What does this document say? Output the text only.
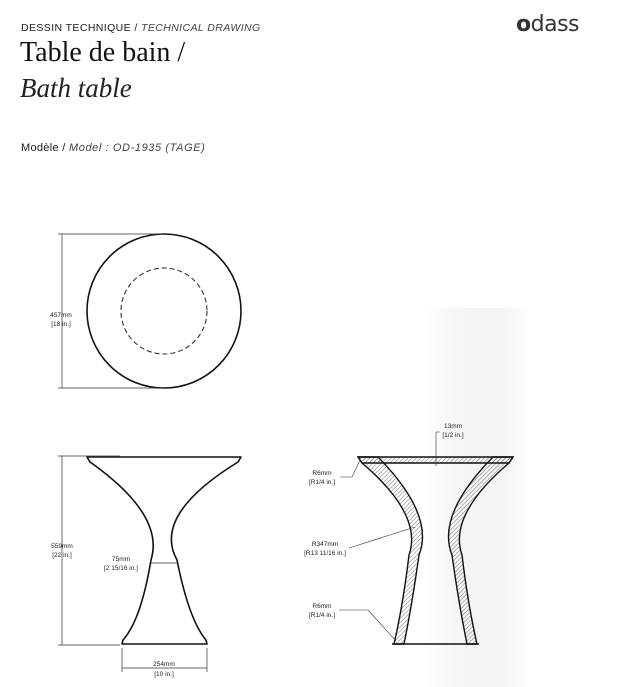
DESSIN TECHNIQUE / TECHNICAL DRAWING	odass
Table de bain /
Bath table
Modèle / Model : OD-1935 (TAGE)
457mm
[18 in.]
559mm
[22 in.]
75mm
[2 15/16 in.]
254mm
[10 in.]
13mm
[1/2 in.]
R6mm
[R1/4 in.]
R347mm
[R13 11/16 in.]
R6mm
[R1/4 in.]
